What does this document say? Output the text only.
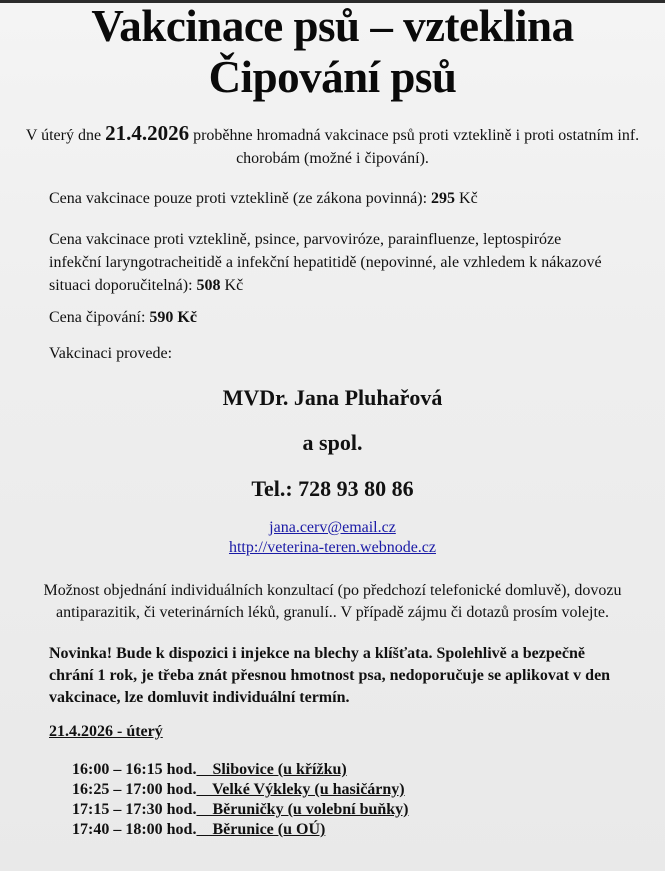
Vakcinace psů – vzteklina
Čipování psů
V úterý dne 21.4.2026 proběhne hromadná vakcinace psů proti vzteklině i proti ostatním inf. chorobám (možné i čipování).
Cena vakcinace pouze proti vzteklině (ze zákona povinná): 295 Kč
Cena vakcinace proti vzteklině, psince, parvoviróze, parainfluenze, leptospiróze infekční laryngotracheitidě a infekční hepatitidě (nepovinné, ale vzhledem k nákazové situaci doporučitelná): 508 Kč
Cena čipování: 590 Kč
Vakcinaci provede:
MVDr. Jana Pluhařová
a spol.
Tel.: 728 93 80 86
jana.cerv@email.cz
http://veterina-teren.webnode.cz
Možnost objednání individuálních konzultací (po předchozí telefonické domluvě), dovozu antiparazitik, či veterinárních léků, granulí.. V případě zájmu či dotazů prosím volejte.
Novinka! Bude k dispozici i injekce na blechy a klíšťata. Spolehlivě a bezpečně chrání 1 rok, je třeba znát přesnou hmotnost psa, nedoporučuje se aplikovat v den vakcinace, lze domluvit individuální termín.
21.4.2026 - úterý
16:00 – 16:15 hod.    Slibovice (u křížku)
16:25 – 17:00 hod.    Velké Výkleky (u hasičárny)
17:15 – 17:30 hod.    Běruničky (u volební buňky)
17:40 – 18:00 hod.    Běrunice (u OÚ)
